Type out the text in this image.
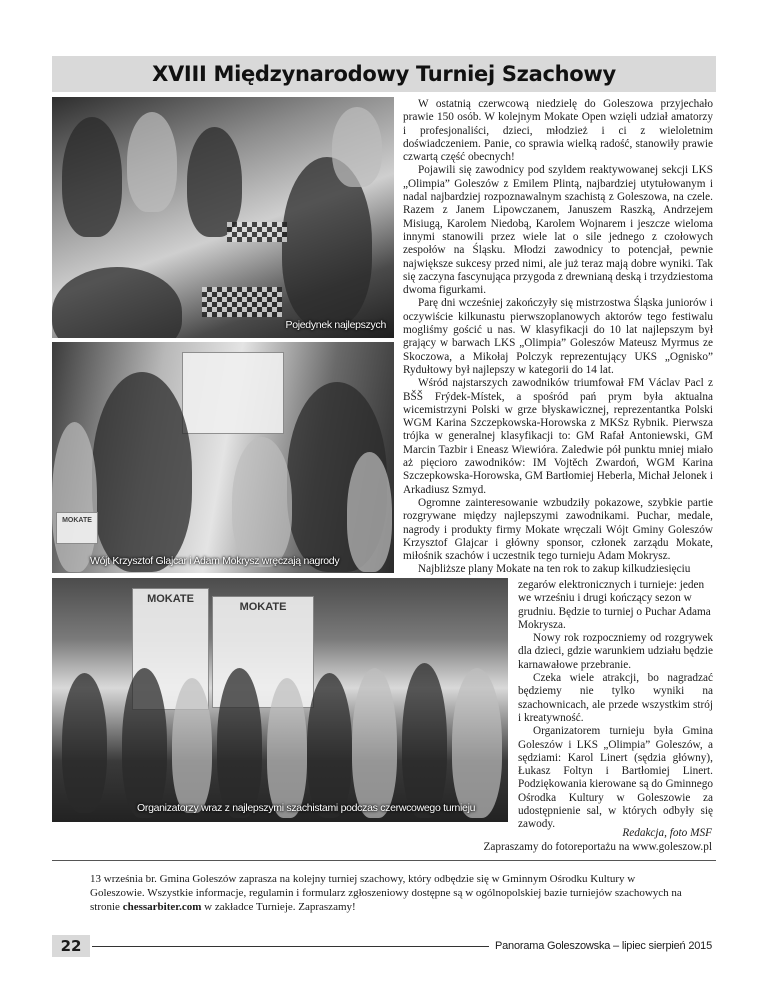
XVIII Międzynarodowy Turniej Szachowy
Pojedynek najlepszych
MOKATE
Wójt Krzysztof Glajcar i Adam Mokrysz wręczają nagrody
MOKATE
MOKATE
Organizatorzy wraz z najlepszymi szachistami podczas czerwcowego turnieju

W ostatnią czerwcową niedzielę do Goleszowa przyjechało prawie 150 osób. W kolejnym Mokate Open wzięli udział amatorzy i profesjonaliści, dzieci, młodzież i ci z wieloletnim doświadczeniem. Panie, co sprawia wielką radość, stanowiły prawie czwartą część obecnych!

Pojawili się zawodnicy pod szyldem reaktywowanej sekcji LKS „Olimpia” Goleszów z Emilem Plintą, najbardziej utytułowanym i nadal najbardziej rozpoznawalnym szachistą z Goleszowa, na czele. Razem z Janem Lipowczanem, Januszem Raszką, Andrzejem Misiugą, Karolem Niedobą, Karolem Wojnarem i jeszcze wieloma innymi stanowili przez wiele lat o sile jednego z czołowych zespołów na Śląsku. Młodzi zawodnicy to potencjał, pewnie największe sukcesy przed nimi, ale już teraz mają dobre wyniki. Tak się zaczyna fascynująca przygoda z drewnianą deską i trzydziestoma dwoma figurkami.

Parę dni wcześniej zakończyły się mistrzostwa Śląska juniorów i oczywiście kilkunastu pierwszoplanowych aktorów tego festiwalu mogliśmy gościć u nas. W klasyfikacji do 10 lat najlepszym był grający w barwach LKS „Olimpia” Goleszów Mateusz Myrmus ze Skoczowa, a Mikołaj Polczyk reprezentujący UKS „Ognisko” Rydułtowy był najlepszy w kategorii do 14 lat.

Wśród najstarszych zawodników triumfował FM Václav Pacl z BŠŠ Frýdek-Místek, a spośród pań prym była aktualna wicemistrzyni Polski w grze błyskawicznej, reprezentantka Polski WGM Karina Szczepkowska-Horowska z MKSz Rybnik. Pierwsza trójka w generalnej klasyfikacji to: GM Rafał Antoniewski, GM Marcin Tazbir i Eneasz Wiewióra. Zaledwie pół punktu mniej miało aż pięcioro zawodników: IM Vojtěch Zwardoń, WGM Karina Szczepkowska-Horowska, GM Bartłomiej Heberla, Michał Jelonek i Arkadiusz Szmyd.

Ogromne zainteresowanie wzbudziły pokazowe, szybkie partie rozgrywane między najlepszymi zawodnikami. Puchar, medale, nagrody i produkty firmy Mokate wręczali Wójt Gminy Goleszów Krzysztof Glajcar i główny sponsor, członek zarządu Mokate, miłośnik szachów i uczestnik tego turnieju Adam Mokrysz.

Najbliższe plany Mokate na ten rok to zakup kilkudziesięciu

zegarów elektronicznych i turnieje: jeden we wrześniu i drugi kończący sezon w grudniu. Będzie to turniej o Puchar Adama Mokrysza.

Nowy rok rozpoczniemy od rozgrywek dla dzieci, gdzie warunkiem udziału będzie karnawałowe przebranie.

Czeka wiele atrakcji, bo nagradzać będziemy nie tylko wyniki na szachownicach, ale przede wszystkim strój i kreatywność.

Organizatorem turnieju była Gmina Goleszów i LKS „Olimpia” Goleszów, a sędziami: Karol Linert (sędzia główny), Łukasz Foltyn i Bartłomiej Linert. Podziękowania kierowane są do Gminnego Ośrodka Kultury w Goleszowie za udostępnienie sal, w których odbyły się zawody.

Redakcja, foto MSF
Zapraszamy do fotoreportażu na www.goleszow.pl
13 września br. Gmina Goleszów zaprasza na kolejny turniej szachowy, który odbędzie się w Gminnym Ośrodku Kultury w Goleszowie. Wszystkie informacje, regulamin i formularz zgłoszeniowy dostępne są w ogólnopolskiej bazie turniejów szachowych na stronie chessarbiter.com w zakładce Turnieje. Zapraszamy!
22	Panorama Goleszowska – lipiec sierpień 2015
